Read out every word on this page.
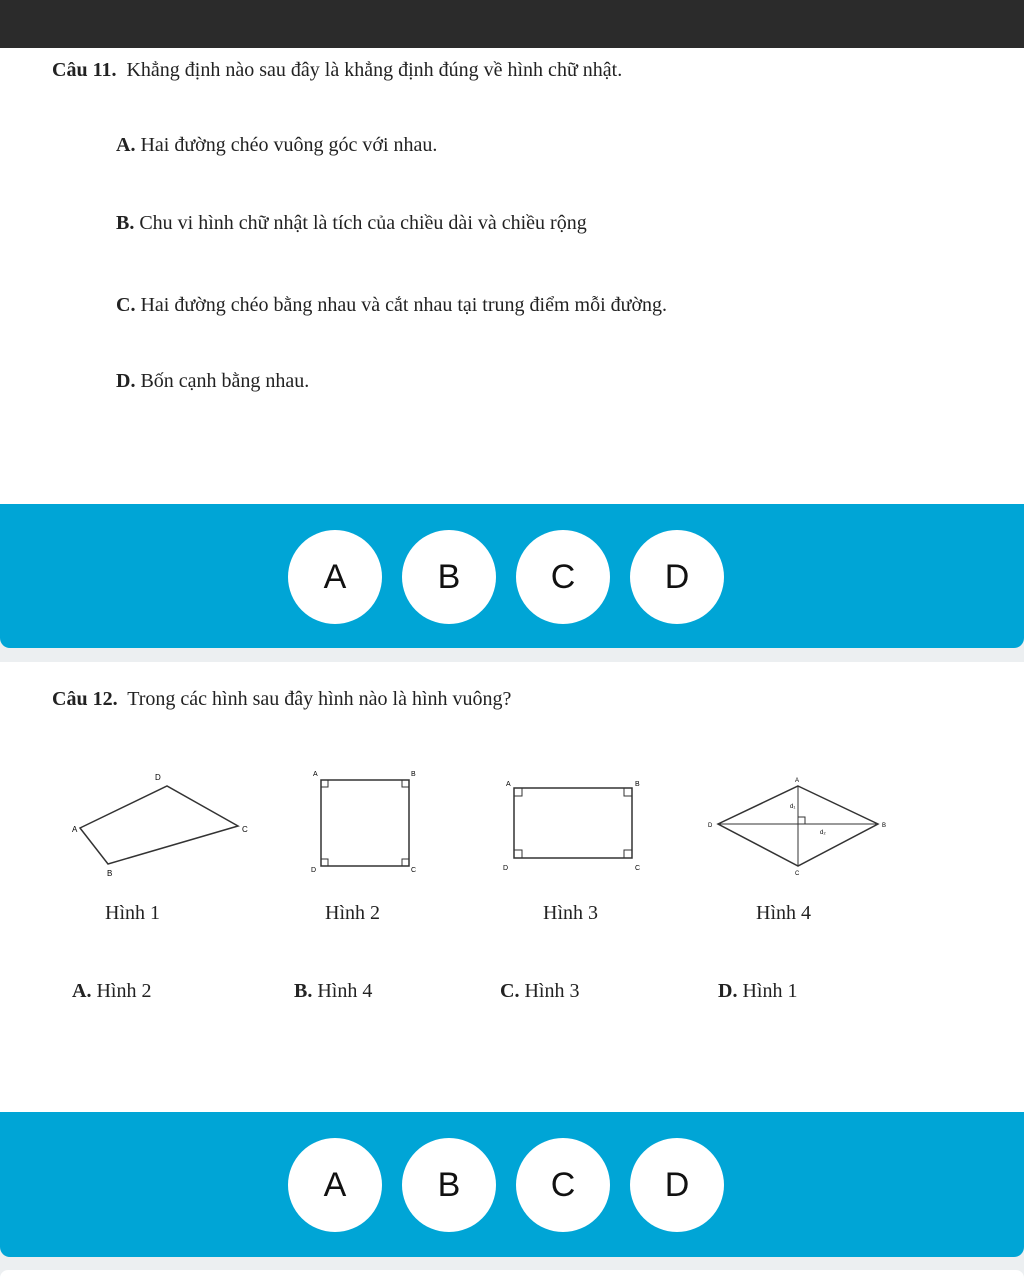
Câu 11. Khẳng định nào sau đây là khẳng định đúng về hình chữ nhật.
A. Hai đường chéo vuông góc với nhau.
B. Chu vi hình chữ nhật là tích của chiều dài và chiều rộng
C. Hai đường chéo bằng nhau và cắt nhau tại trung điểm mỗi đường.
D. Bốn cạnh bằng nhau.
A	B	C	D
Câu 12. Trong các hình sau đây hình nào là hình vuông?
A
B
C
D	A	B
C
D
A	B
C
D
A
B
C
D
d₁
d₂
Hình 1	Hình 2	Hình 3	Hình 4
A. Hình 2	B. Hình 4	C. Hình 3	D. Hình 1
A	B	C	D
